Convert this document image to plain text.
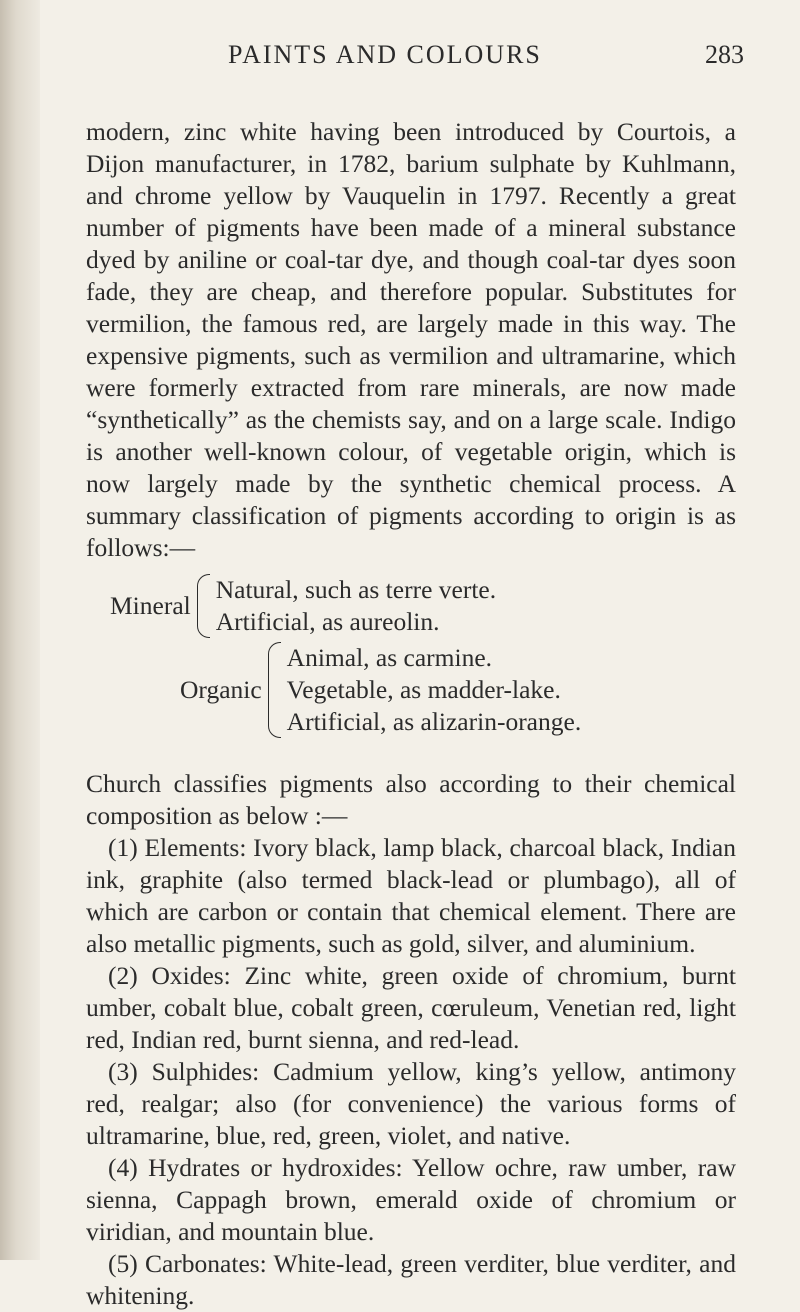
PAINTS AND COLOURS	283

modern, zinc white having been introduced by Courtois, a Dijon manufacturer, in 1782, barium sulphate by Kuhlmann, and chrome yellow by Vauquelin in 1797. Recently a great number of pigments have been made of a mineral substance dyed by aniline or coal-tar dye, and though coal-tar dyes soon fade, they are cheap, and therefore popular. Substitutes for vermilion, the famous red, are largely made in this way. The expensive pigments, such as vermilion and ultramarine, which were formerly extracted from rare minerals, are now made “synthetically” as the chemists say, and on a large scale. Indigo is another well-known colour, of vegetable origin, which is now largely made by the synthetic chemical process. A summary classification of pigments according to origin is as follows:—

Mineral
Natural, such as terre verte.
Artificial, as aureolin.
Organic
Animal, as carmine.
Vegetable, as madder-lake.
Artificial, as alizarin-orange.

Church classifies pigments also according to their chemical composition as below :—

(1) Elements: Ivory black, lamp black, charcoal black, Indian ink, graphite (also termed black-lead or plumbago), all of which are carbon or contain that chemical element. There are also metallic pigments, such as gold, silver, and aluminium.

(2) Oxides: Zinc white, green oxide of chromium, burnt umber, cobalt blue, cobalt green, cœruleum, Venetian red, light red, Indian red, burnt sienna, and red-lead.

(3) Sulphides: Cadmium yellow, king’s yellow, antimony red, realgar; also (for convenience) the various forms of ultramarine, blue, red, green, violet, and native.

(4) Hydrates or hydroxides: Yellow ochre, raw umber, raw sienna, Cappagh brown, emerald oxide of chromium or viridian, and mountain blue.

(5) Carbonates: White-lead, green verditer, blue verditer, and whitening.
